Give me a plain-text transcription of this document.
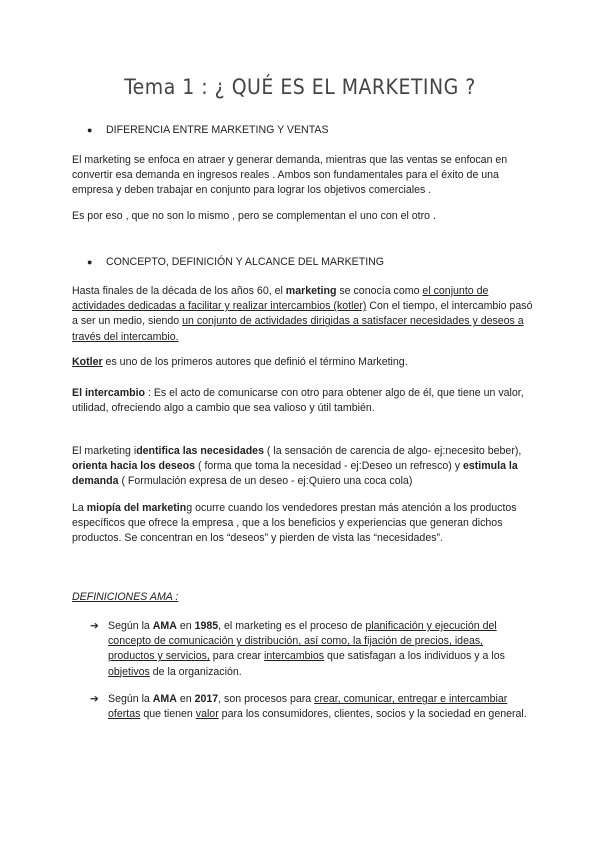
Tema 1 : ¿ QUÉ ES EL MARKETING ?
● DIFERENCIA ENTRE MARKETING Y VENTAS

El marketing se enfoca en atraer y generar demanda, mientras que las ventas se enfocan en convertir esa demanda en ingresos reales . Ambos son fundamentales para el éxito de una empresa y deben trabajar en conjunto para lograr los objetivos comerciales .

Es por eso , que no son lo mismo , pero se complementan el uno con el otro .

● CONCEPTO, DEFINICIÓN Y ALCANCE DEL MARKETING

Hasta finales de la década de los años 60, el marketing se conocía como el conjunto de actividades dedicadas a facilitar y realizar intercambios (kotler) Con el tiempo, el intercambio pasó a ser un medio, siendo un conjunto de actividades dirigidas a satisfacer necesidades y deseos a través del intercambio.

Kotler es uno de los primeros autores que definió el término Marketing.

El intercambio : Es el acto de comunicarse con otro para obtener algo de él, que tiene un valor, utilidad, ofreciendo algo a cambio que sea valioso y útil también.

El marketing identifica las necesidades ( la sensación de carencia de algo- ej:necesito beber), orienta hacia los deseos ( forma que toma la necesidad - ej:Deseo un refresco) y estimula la demanda ( Formulación expresa de un deseo - ej:Quiero una coca cola)

La miopía del marketing ocurre cuando los vendedores prestan más atención a los productos específicos que ofrece la empresa , que a los beneficios y experiencias que generan dichos productos. Se concentran en los “deseos” y pierden de vista las “necesidades”.

DEFINICIONES AMA :

➔ Según la AMA en 1985, el marketing es el proceso de planificación y ejecución del concepto de comunicación y distribución, así como, la fijación de precios, ideas, productos y servicios, para crear intercambios que satisfagan a los individuos y a los objetivos de la organización.

➔ Según la AMA en 2017, son procesos para crear, comunicar, entregar e intercambiar ofertas que tienen valor para los consumidores, clientes, socios y la sociedad en general.
